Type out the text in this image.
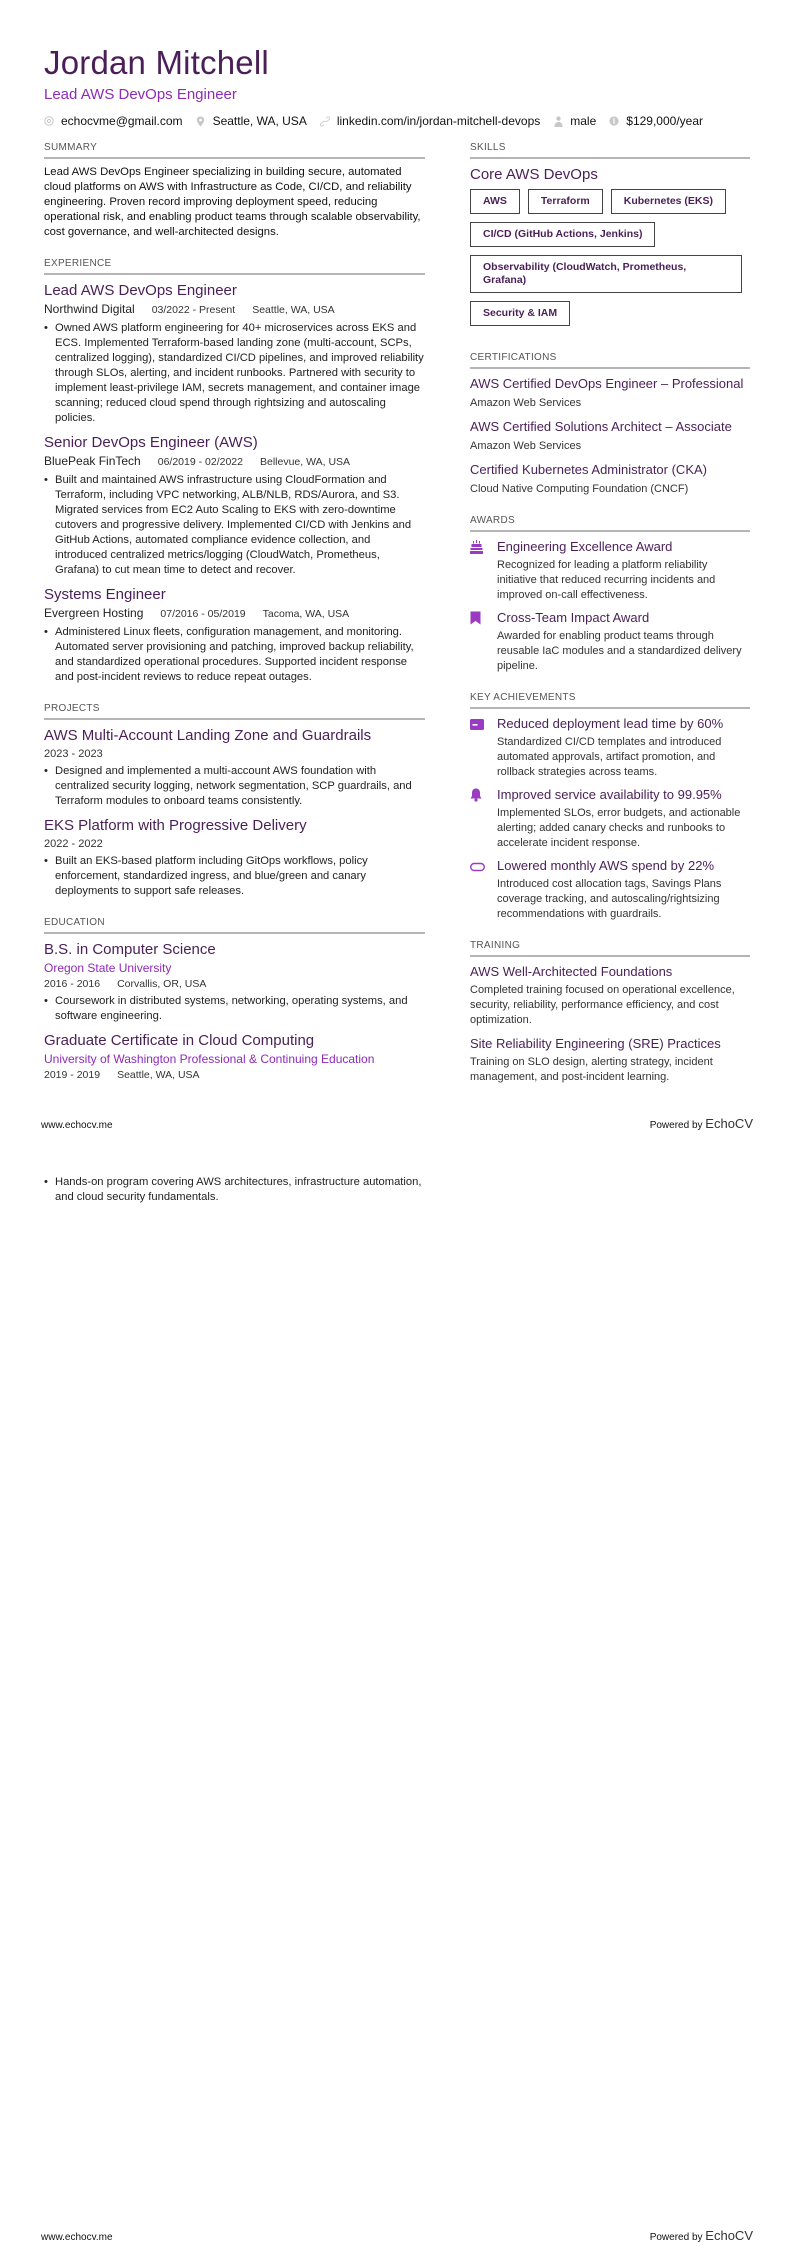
Jordan Mitchell
Lead AWS DevOps Engineer
echocvme@gmail.com	Seattle, WA, USA	linkedin.com/in/jordan-mitchell-devops	male	$129,000/year
SUMMARY
Lead AWS DevOps Engineer specializing in building secure, automated cloud platforms on AWS with Infrastructure as Code, CI/CD, and reliability engineering. Proven record improving deployment speed, reducing operational risk, and enabling product teams through scalable observability, cost governance, and well-architected designs.
EXPERIENCE
Lead AWS DevOps Engineer
Northwind Digital 03/2022 - Present Seattle, WA, USA
• Owned AWS platform engineering for 40+ microservices across EKS and ECS. Implemented Terraform-based landing zone (multi-account, SCPs, centralized logging), standardized CI/CD pipelines, and improved reliability through SLOs, alerting, and incident runbooks. Partnered with security to implement least-privilege IAM, secrets management, and container image scanning; reduced cloud spend through rightsizing and autoscaling policies.
Senior DevOps Engineer (AWS)
BluePeak FinTech 06/2019 - 02/2022 Bellevue, WA, USA
• Built and maintained AWS infrastructure using CloudFormation and Terraform, including VPC networking, ALB/NLB, RDS/Aurora, and S3. Migrated services from EC2 Auto Scaling to EKS with zero-downtime cutovers and progressive delivery. Implemented CI/CD with Jenkins and GitHub Actions, automated compliance evidence collection, and introduced centralized metrics/logging (CloudWatch, Prometheus, Grafana) to cut mean time to detect and recover.
Systems Engineer
Evergreen Hosting 07/2016 - 05/2019 Tacoma, WA, USA
• Administered Linux fleets, configuration management, and monitoring. Automated server provisioning and patching, improved backup reliability, and standardized operational procedures. Supported incident response and post-incident reviews to reduce repeat outages.
PROJECTS
AWS Multi-Account Landing Zone and Guardrails
2023 - 2023
• Designed and implemented a multi-account AWS foundation with centralized security logging, network segmentation, SCP guardrails, and Terraform modules to onboard teams consistently.
EKS Platform with Progressive Delivery
2022 - 2022
• Built an EKS-based platform including GitOps workflows, policy enforcement, standardized ingress, and blue/green and canary deployments to support safe releases.
EDUCATION
B.S. in Computer Science
Oregon State University
2016 - 2016 Corvallis, OR, USA
• Coursework in distributed systems, networking, operating systems, and software engineering.
Graduate Certificate in Cloud Computing
University of Washington Professional & Continuing Education
2019 - 2019 Seattle, WA, USA
SKILLS
Core AWS DevOps
AWS	Terraform	Kubernetes (EKS)
CI/CD (GitHub Actions, Jenkins)
Observability (CloudWatch, Prometheus, Grafana)
Security & IAM
CERTIFICATIONS
AWS Certified DevOps Engineer – Professional
Amazon Web Services
AWS Certified Solutions Architect – Associate
Amazon Web Services
Certified Kubernetes Administrator (CKA)
Cloud Native Computing Foundation (CNCF)
AWARDS
Engineering Excellence Award
Recognized for leading a platform reliability initiative that reduced recurring incidents and improved on-call effectiveness.
Cross-Team Impact Award
Awarded for enabling product teams through reusable IaC modules and a standardized delivery pipeline.
KEY ACHIEVEMENTS
Reduced deployment lead time by 60%
Standardized CI/CD templates and introduced automated approvals, artifact promotion, and rollback strategies across teams.
Improved service availability to 99.95%
Implemented SLOs, error budgets, and actionable alerting; added canary checks and runbooks to accelerate incident response.
Lowered monthly AWS spend by 22%
Introduced cost allocation tags, Savings Plans coverage tracking, and autoscaling/rightsizing recommendations with guardrails.
TRAINING
AWS Well-Architected Foundations
Completed training focused on operational excellence, security, reliability, performance efficiency, and cost optimization.
Site Reliability Engineering (SRE) Practices
Training on SLO design, alerting strategy, incident management, and post-incident learning.
www.echocv.me	Powered by EchoCV
• Hands-on program covering AWS architectures, infrastructure automation, and cloud security fundamentals.
www.echocv.me	Powered by EchoCV
